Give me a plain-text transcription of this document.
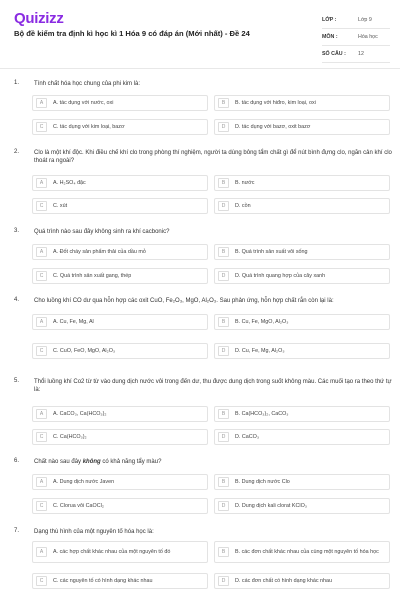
Quizizz
Bộ đề kiểm tra định kì học kì 1 Hóa 9 có đáp án (Mới nhất) - Đề 24
LỚP :	Lớp 9
MÔN :	Hóa học
SỐ CÂU :	12
1. Tính chất hóa học chung của phi kim là:
A	A. tác dụng với nước, oxi	B	B. tác dụng với hiđro, kim loại, oxi
C	C. tác dụng với kim loại, bazơ	D	D. tác dụng với bazơ, oxit bazơ
2. Clo là một khí độc. Khi điều chế khí clo trong phòng thí nghiệm, người ta dùng bông tẩm chất gì để nút bình đựng clo, ngăn cản khí clo thoát ra ngoài?
A	A. H₂SO₄ đặc	B	B. nước
C	C. xút	D	D. cồn
3. Quá trình nào sau đây không sinh ra khí cacbonic?
A	A. Đốt cháy sản phẩm thải của dầu mỏ	B	B. Quá trình sản xuất vôi sống
C	C. Quá trình sản xuất gang, thép	D	D. Quá trình quang hợp của cây xanh
4. Cho luồng khí CO dư qua hỗn hợp các oxit CuO, Fe₂O₃, MgO, Al₂O₃. Sau phản ứng, hỗn hợp chất rắn còn lại là:
A	A. Cu, Fe, Mg, Al	B	B. Cu, Fe, MgO, Al₂O₃
C	C. CuO, FeO, MgO, Al₂O₃	D	D. Cu, Fe, Mg, Al₂O₃
5. Thổi luồng khí Co2 từ từ vào dung dịch nước vôi trong đến dư, thu được dung dịch trong suốt không màu. Các muối tạo ra theo thứ tự là:
A	A. CaCO₃, Ca(HCO₃)₂	B	B. Ca(HCO₃)₂, CaCO₃
C	C. Ca(HCO₃)₂	D	D. CaCO₃
6. Chất nào sau đây không có khả năng tẩy màu?
A	A. Dung dịch nước Javen	B	B. Dung dịch nước Clo
C	C. Clorua vôi CaOCl₂	D	D. Dung dịch kali clorat KClO₃
7. Dạng thù hình của một nguyên tố hóa học là:
A	A. các hợp chất khác nhau của một nguyên tố đó	B	B. các đơn chất khác nhau của cùng một nguyên tố hóa học
C	C. các nguyên tố có hình dạng khác nhau	D	D. các đơn chất có hình dạng khác nhau
